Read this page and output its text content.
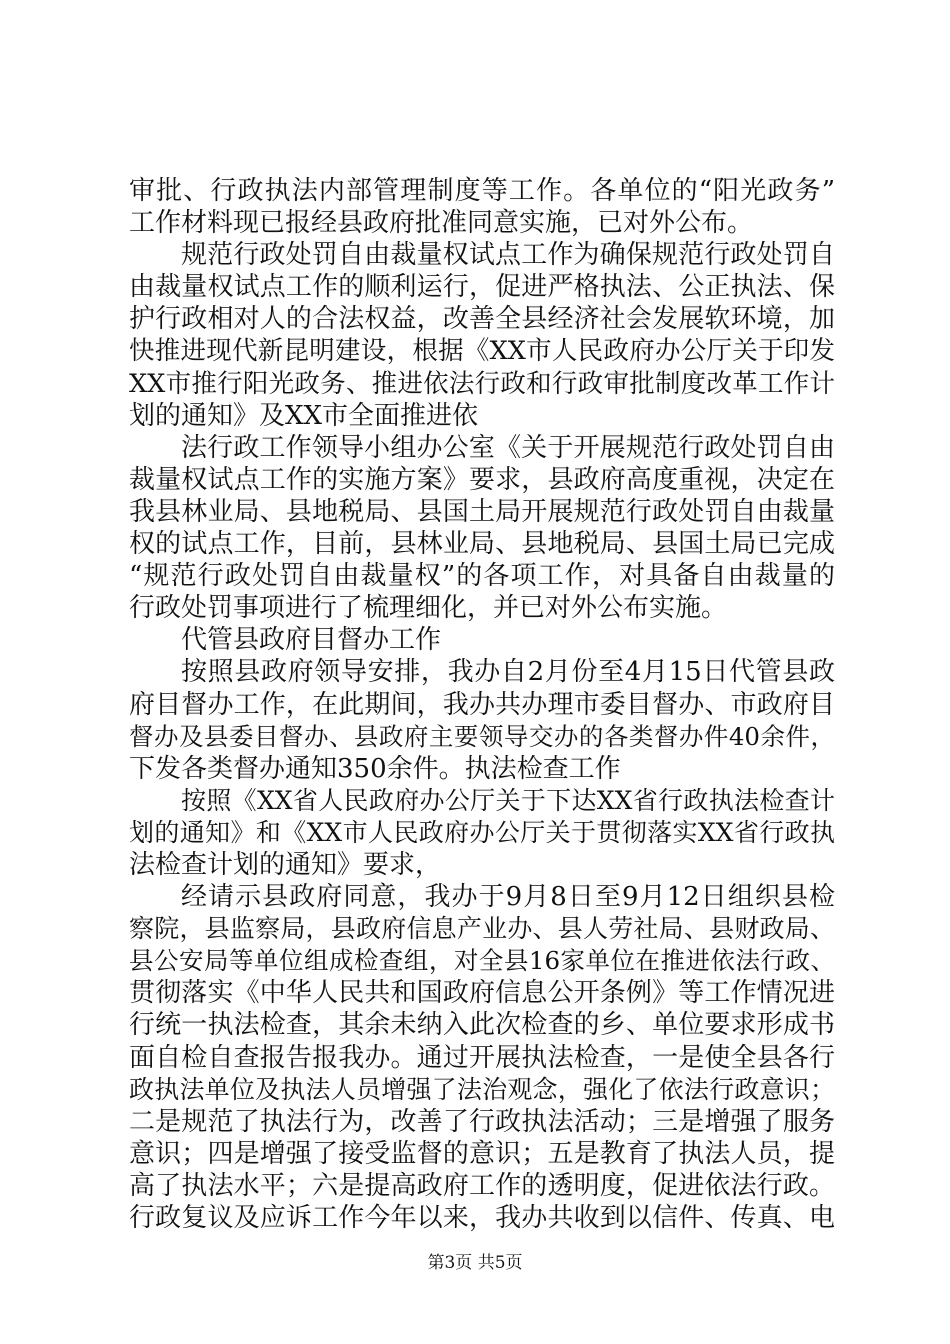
审批、行政执法内部管理制度等工作。各单位的“阳光政务”
工作材料现已报经县政府批准同意实施，已对外公布。
规范行政处罚自由裁量权试点工作为确保规范行政处罚自
由裁量权试点工作的顺利运行，促进严格执法、公正执法、保
护行政相对人的合法权益，改善全县经济社会发展软环境，加
快推进现代新昆明建设，根据《XX市人民政府办公厅关于印发
XX市推行阳光政务、推进依法行政和行政审批制度改革工作计
划的通知》及XX市全面推进依
法行政工作领导小组办公室《关于开展规范行政处罚自由
裁量权试点工作的实施方案》要求，县政府高度重视，决定在
我县林业局、县地税局、县国土局开展规范行政处罚自由裁量
权的试点工作，目前，县林业局、县地税局、县国土局已完成
“规范行政处罚自由裁量权”的各项工作，对具备自由裁量的
行政处罚事项进行了梳理细化，并已对外公布实施。
代管县政府目督办工作
按照县政府领导安排，我办自2月份至4月15日代管县政
府目督办工作，在此期间，我办共办理市委目督办、市政府目
督办及县委目督办、县政府主要领导交办的各类督办件40余件，
下发各类督办通知350余件。执法检查工作
按照《XX省人民政府办公厅关于下达XX省行政执法检查计
划的通知》和《XX市人民政府办公厅关于贯彻落实XX省行政执
法检查计划的通知》要求，
经请示县政府同意，我办于9月8日至9月12日组织县检
察院，县监察局，县政府信息产业办、县人劳社局、县财政局、
县公安局等单位组成检查组，对全县16家单位在推进依法行政、
贯彻落实《中华人民共和国政府信息公开条例》等工作情况进
行统一执法检查，其余未纳入此次检查的乡、单位要求形成书
面自检自查报告报我办。通过开展执法检查，一是使全县各行
政执法单位及执法人员增强了法治观念，强化了依法行政意识；
二是规范了执法行为，改善了行政执法活动；三是增强了服务
意识；四是增强了接受监督的意识；五是教育了执法人员，提
高了执法水平；六是提高政府工作的透明度，促进依法行政。
行政复议及应诉工作今年以来，我办共收到以信件、传真、电
第3页 共5页
